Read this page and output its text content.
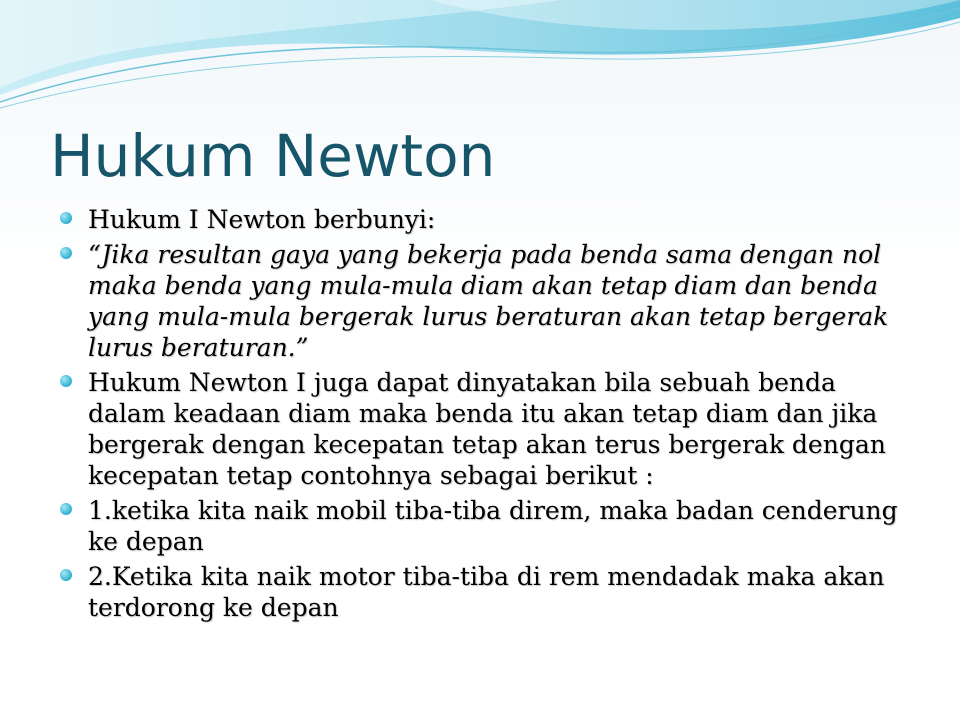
Hukum Newton
Hukum I Newton berbunyi:
“Jika resultan gaya yang bekerja pada benda sama dengan nol maka benda yang mula-mula diam akan tetap diam dan benda yang mula-mula bergerak lurus beraturan akan tetap bergerak lurus beraturan.”
Hukum Newton I juga dapat dinyatakan bila sebuah benda dalam keadaan diam maka benda itu akan tetap diam dan jika bergerak dengan kecepatan tetap akan terus bergerak dengan kecepatan tetap contohnya sebagai berikut :
1.ketika kita naik mobil tiba-tiba direm, maka badan cenderung ke depan
2.Ketika kita naik motor tiba-tiba di rem mendadak maka akan terdorong ke depan
